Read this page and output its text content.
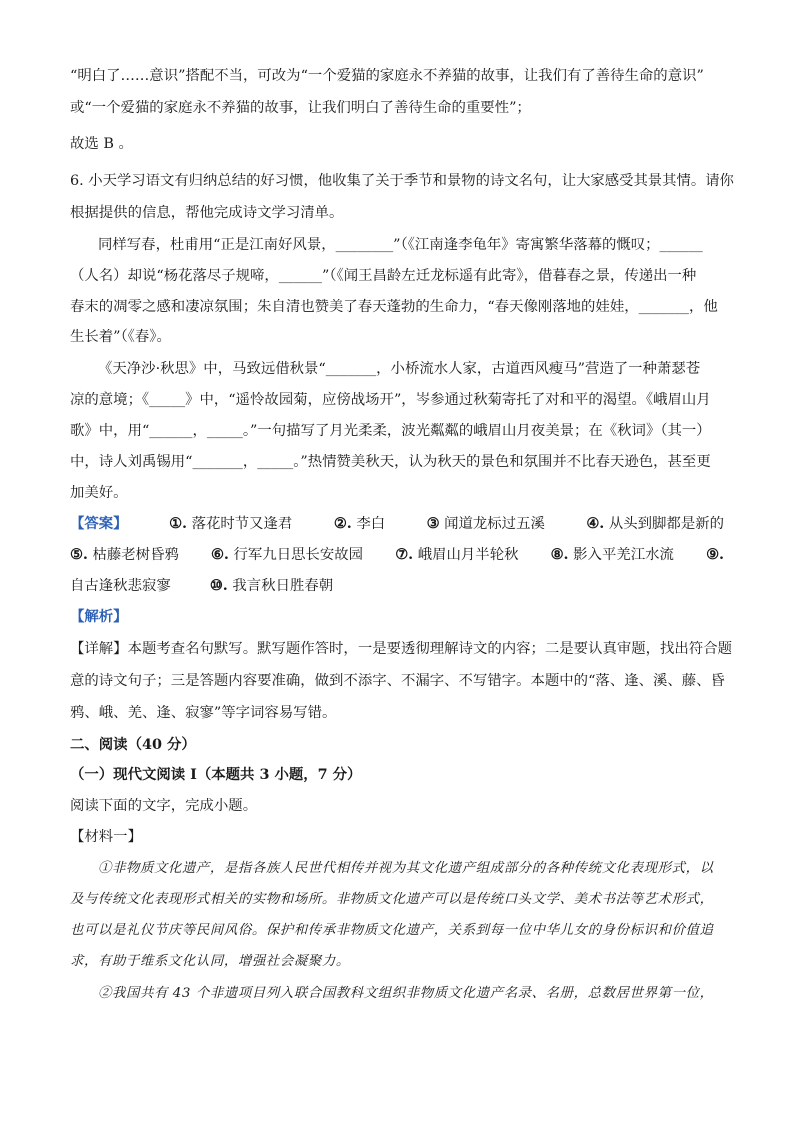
“明白了……意识”搭配不当，可改为“一个爱猫的家庭永不养猫的故事，让我们有了善待生命的意识”
或“一个爱猫的家庭永不养猫的故事，让我们明白了善待生命的重要性”；
故选 B 。
6. 小天学习语文有归纳总结的好习惯，他收集了关于季节和景物的诗文名句，让大家感受其景其情。请你
根据提供的信息，帮他完成诗文学习清单。
同样写春，杜甫用“正是江南好风景，________”（《江南逢李龟年》寄寓繁华落幕的慨叹；______
（人名）却说“杨花落尽子规啼，______”（《闻王昌龄左迁龙标遥有此寄》，借暮春之景，传递出一种
春末的凋零之感和凄凉氛围；朱自清也赞美了春天蓬勃的生命力，“春天像刚落地的娃娃，_______，他
生长着”（《春》。
《天净沙·秋思》中，马致远借秋景“_______，小桥流水人家，古道西风瘦马”营造了一种萧瑟苍
凉的意境；《_____》中，“遥怜故园菊，应傍战场开”，岑参通过秋菊寄托了对和平的渴望。《峨眉山月
歌》中，用“______，_____。”一句描写了月光柔柔，波光粼粼的峨眉山月夜美景；在《秋词》（其一）
中，诗人刘禹锡用“_______，_____。”热情赞美秋天，认为秋天的景色和氛围并不比春天逊色，甚至更
加美好。
【答案】	①. 落花时节又逢君	②. 李白	③ 闻道龙标过五溪	④. 从头到脚都是新的
⑤. 枯藤老树昏鸦 ⑥. 行军九日思长安故园 ⑦. 峨眉山月半轮秋 ⑧. 影入平羌江水流 ⑨.
自古逢秋悲寂寥	⑩. 我言秋日胜春朝
【解析】
【详解】本题考查名句默写。默写题作答时，一是要透彻理解诗文的内容；二是要认真审题，找出符合题
意的诗文句子；三是答题内容要准确，做到不添字、不漏字、不写错字。本题中的“落、逢、溪、藤、昏
鸦、峨、羌、逢、寂寥”等字词容易写错。
二、阅读（40 分）
（一）现代文阅读 I（本题共 3 小题，7 分）
阅读下面的文字，完成小题。
【材料一】
①非物质文化遗产，是指各族人民世代相传并视为其文化遗产组成部分的各种传统文化表现形式，以
及与传统文化表现形式相关的实物和场所。非物质文化遗产可以是传统口头文学、美术书法等艺术形式，
也可以是礼仪节庆等民间风俗。保护和传承非物质文化遗产，关系到每一位中华儿女的身份标识和价值追
求，有助于维系文化认同，增强社会凝聚力。
②我国共有 43 个非遗项目列入联合国教科文组织非物质文化遗产名录、名册，总数居世界第一位，
